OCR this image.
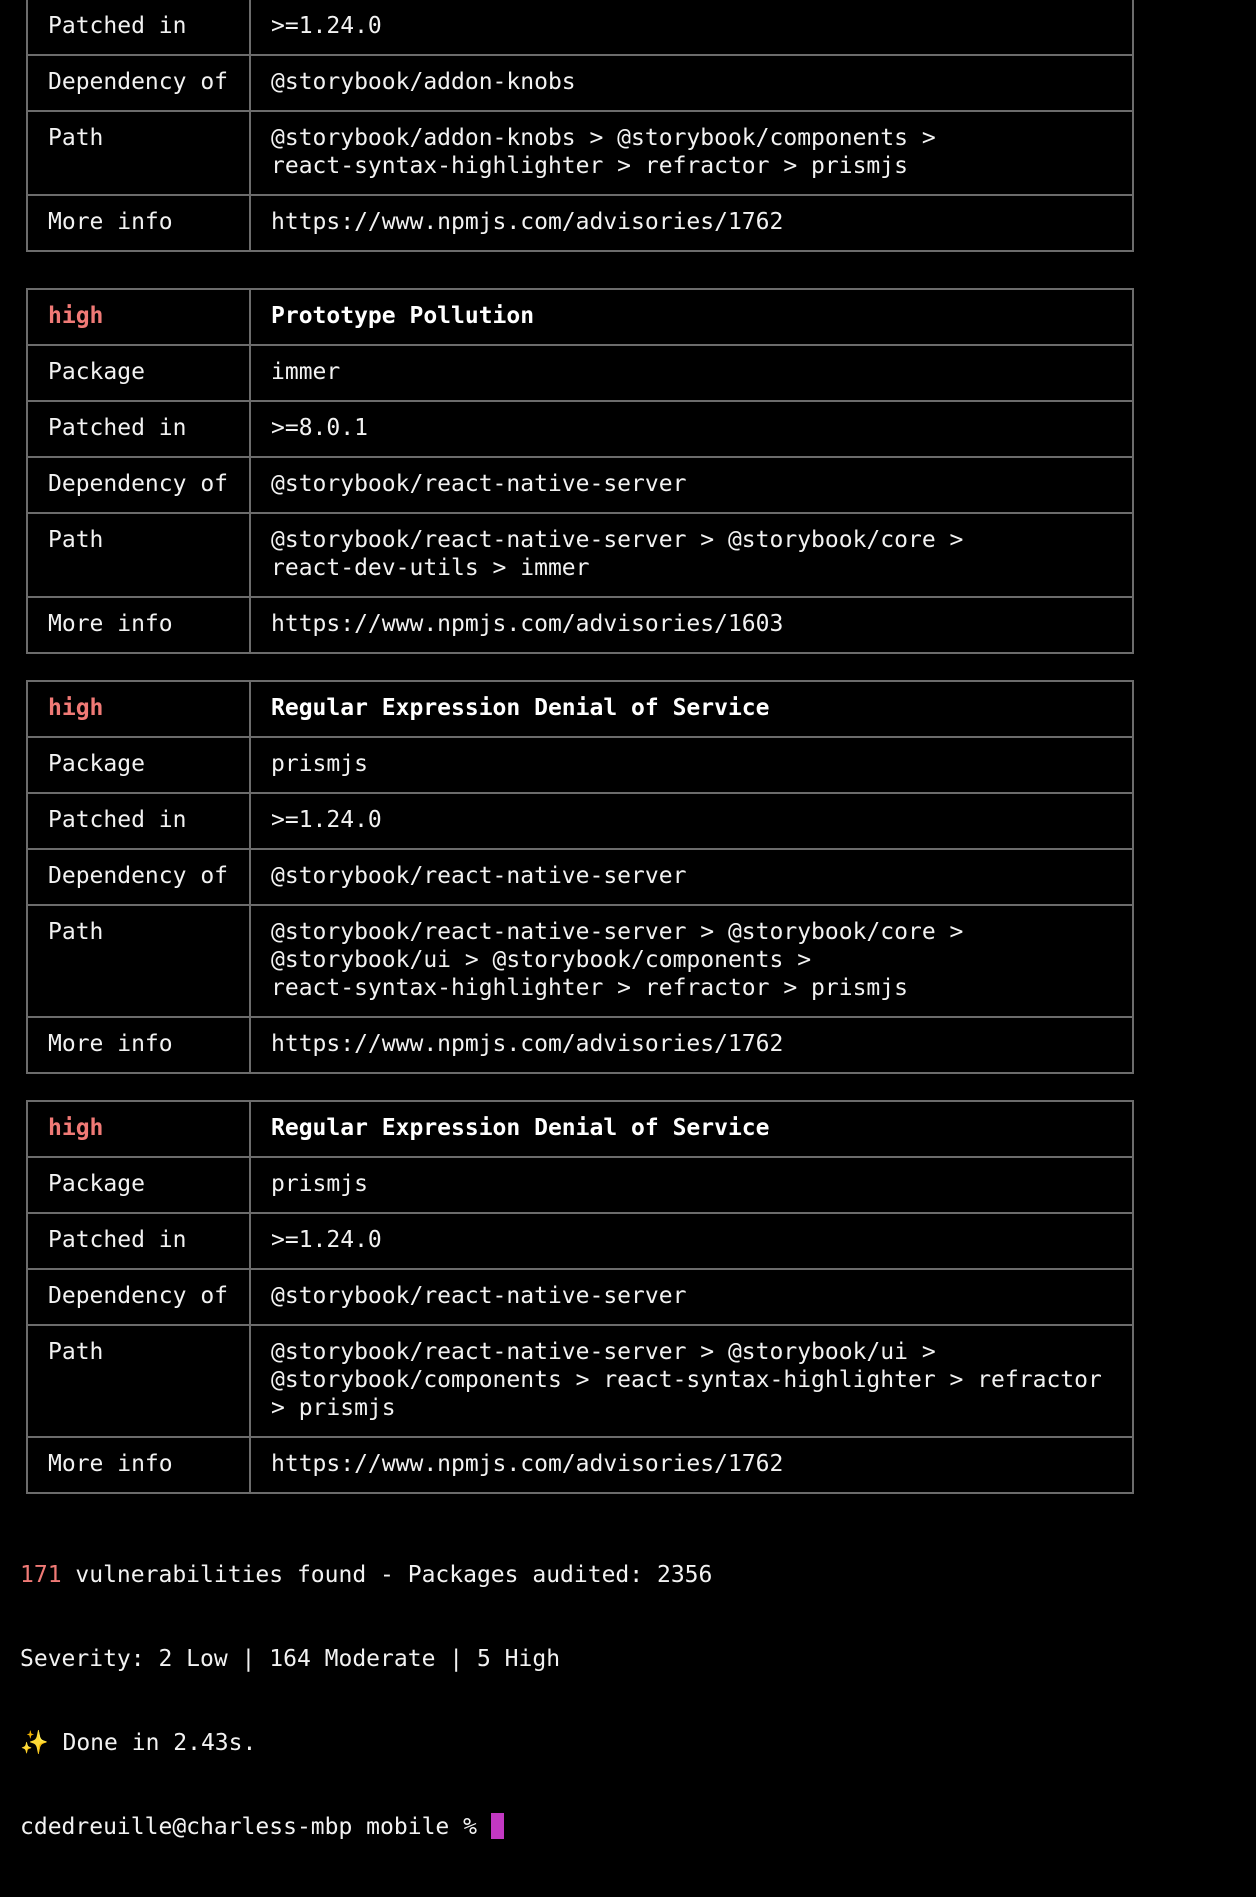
Patched in	>=1.24.0
Dependency of	@storybook/addon-knobs
Path	@storybook/addon-knobs > @storybook/components >
react-syntax-highlighter > refractor > prismjs
More info	https://www.npmjs.com/advisories/1762
high	Prototype Pollution
Package	immer
Patched in	>=8.0.1
Dependency of	@storybook/react-native-server
Path	@storybook/react-native-server > @storybook/core >
react-dev-utils > immer
More info	https://www.npmjs.com/advisories/1603
high	Regular Expression Denial of Service
Package	prismjs
Patched in	>=1.24.0
Dependency of	@storybook/react-native-server
Path	@storybook/react-native-server > @storybook/core >
@storybook/ui > @storybook/components >
react-syntax-highlighter > refractor > prismjs
More info	https://www.npmjs.com/advisories/1762
high	Regular Expression Denial of Service
Package	prismjs
Patched in	>=1.24.0
Dependency of	@storybook/react-native-server
Path	@storybook/react-native-server > @storybook/ui >
@storybook/components > react-syntax-highlighter > refractor
> prismjs
More info	https://www.npmjs.com/advisories/1762

171 vulnerabilities found - Packages audited: 2356

Severity: 2 Low | 164 Moderate | 5 High

✨ Done in 2.43s.

cdedreuille@charless-mbp mobile %
